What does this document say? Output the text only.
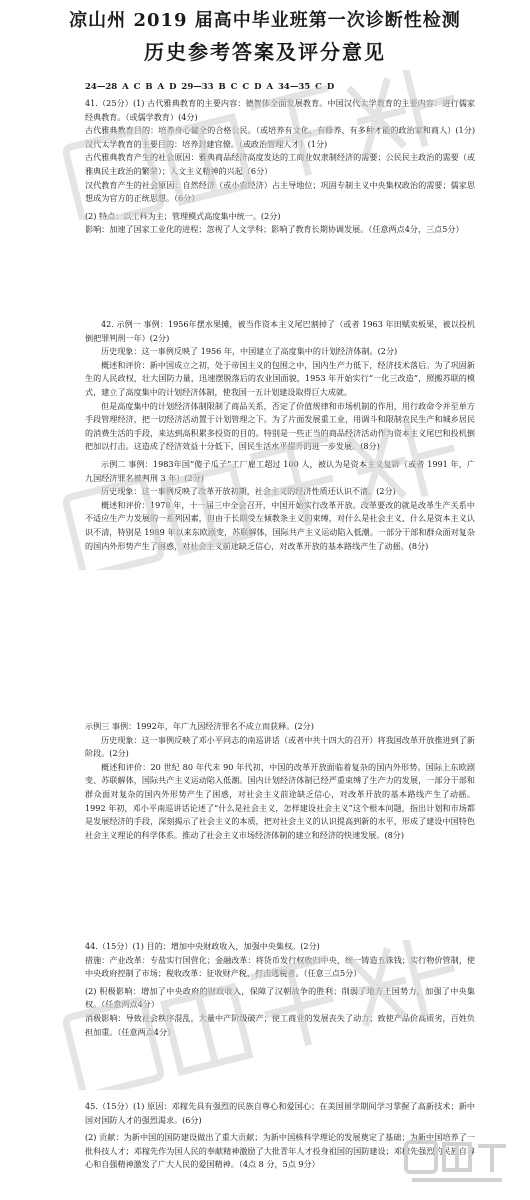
凉山州 2019 届高中毕业班第一次诊断性检测
历史参考答案及评分意见
24—28 A C B A D 29—33 B C C D A 34—35 C D

41.（25分）(1) 古代雅典教育的主要内容：德智体全面发展教育。中国汉代太学教育的主要内容：进行儒家经典教育。（或儒学教育）(4分)

古代雅典教育目的：培养身心健全的合格公民。（或培养有文化、有修养、有多种才能的政治家和商人）(1分) 汉代太学教育的主要目的：培养封建官僚。（或政治管理人才）(1分)

古代雅典教育产生的社会原因：雅典商品经济高度发达的工商业奴隶制经济的需要；公民民主政治的需要（或雅典民主政治的繁荣）；人文主义精神的兴起（6分）

汉代教育产生的社会原因：自然经济（或小农经济）占主导地位；巩固专制主义中央集权政治的需要；儒家思想成为官方的正统思想。（6分）

(2) 特点：以工科为主；管理模式高度集中统一。(2分)

影响：加速了国家工业化的进程；忽视了人文学科；影响了教育长期协调发展。（任意两点4分，三点5分）

42. 示例一 事例：1956年摆水果摊，被当作资本主义尾巴割掉了（或者 1963 年田赋卖板果，被以投机倒把罪判刑一年）(2分)

历史现象：这一事例反映了 1956 年，中国建立了高度集中的计划经济体制。(2分)

概述和评价：新中国成立之初，处于帝国主义的包围之中，国内生产力低下，经济技术落后。为了巩固新生的人民政权，壮大国防力量，迅速摆脱落后的农业国面貌，1953 年开始实行“一化三改造”，照搬苏联的模式，建立了高度集中的计划经济体制，使我国一五计划建设取得巨大成就。

但是高度集中的计划经济体制限制了商品关系，否定了价值规律和市场机制的作用，用行政命令并至单方手段管理经济，把一切经济活动置于计划管理之下。为了片面发展重工业，用调斗和限制农民生产和城乡居民的消费生活的手段，来达到高积累多投资的目的。特别是一些正当的商品经济活动作为资本主义尾巴和投机倒把加以打击。这造成了经济效益十分低下，国民生活水平提升的进一步发展。(8分)

示例二 事例：1983年国“傻子瓜子”工厂雇工超过 100 人，被认为是资本主义复辟（或者 1991 年，广九国经济罪名被判刑 3 年）(2分)

历史现象：这一事例反映了改革开放初期，社会主义的经济性质还认识不清。(2分)

概述和评价：1978 年，十一届三中全会召开，中国开始实行改革开放。改革要改的就是改革生产关系中不适应生产力发展的一系列因素，但由于长期受左倾教条主义的束缚，对什么是社会主义、什么是资本主义认识不清，特别是 1989 年以来东欧剧变，苏联解体，国际共产主义运动陷入低潮。一部分干部和群众面对复杂的国内外形势产生了困惑，对社会主义前途缺乏信心，对改革开放的基本路线产生了动摇。(8分)

示例三 事例：1992年，年广九因经济罪名不成立而获释。(2分)

历史现象：这一事例反映了邓小平同志的南巡讲话（或者中共十四大的召开）将我国改革开放推进到了新阶段。(2分)

概述和评价：20 世纪 80 年代末 90 年代初，中国的改革开放面临着复杂的国内外形势。国际上东欧剧变、苏联解体，国际共产主义运动陷入低潮。国内计划经济体制已经严重束缚了生产力的发展，一部分干部和群众面对复杂的国内外形势产生了困惑，对社会主义前途缺乏信心，对改革开放的基本路线产生了动摇。1992 年初，邓小平南巡讲话论述了“什么是社会主义，怎样建设社会主义”这个根本问题，指出计划和市场都是发展经济的手段，深刻揭示了社会主义的本质，把对社会主义的认识提高到新的水平，形成了建设中国特色社会主义理论的科学体系。推动了社会主义市场经济体制的建立和经济的快速发展。(8分)

44.（15分）(1) 目的：增加中央财政收入，加强中央集权。(2分)

措施：产业改革：专盐实行国营化；金融改革：将货币发行权收归中央，统一铸造五铢钱；实行物价管制，使中央政府控制了市场；税收改革：征收财产税，打击逃税者。（任意三点5分）

(2) 积极影响：增加了中央政府的财政收入，保障了汉朝战争的胜利；削弱了地方王国势力，加强了中央集权。（任意两点4分）

消极影响：导致社会秩序混乱，大量中产阶级破产；使工商业的发展丧失了动力；致使产品价高质劣，百姓负担加重。（任意两点4分）

45.（15分）(1) 原因：邓稼先具有强烈的民族自尊心和爱国心；在美国留学期间学习掌握了高新技术；新中国对国防人才的强烈渴求。(6分)

(2) 贡献：为新中国的国防建设做出了重大贡献；为新中国核科学理论的发展奠定了基础；为新中国培养了一批科技人才；邓稼先作为国人民的奉献精神激励了大批青年人才投身祖国的国防建设；邓稼先强烈的民族自尊心和自强精神激发了广大人民的爱国精神。（4点 8 分，5点 9分）
